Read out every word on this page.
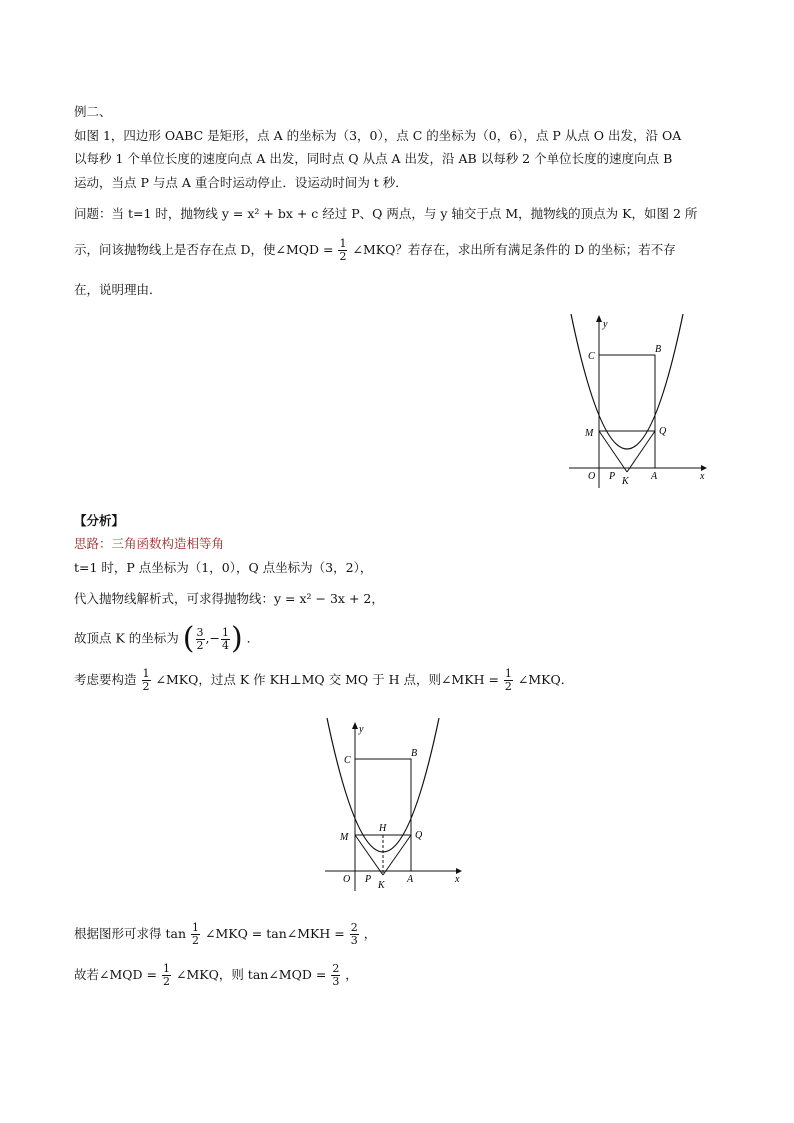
例二、
如图 1，四边形 OABC 是矩形，点 A 的坐标为（3，0），点 C 的坐标为（0，6），点 P 从点 O 出发，沿 OA
以每秒 1 个单位长度的速度向点 A 出发，同时点 Q 从点 A 出发，沿 AB 以每秒 2 个单位长度的速度向点 B
运动，当点 P 与点 A 重合时运动停止．设运动时间为 t 秒．
问题：当 t=1 时，抛物线 y = x² + bx + c 经过 P、Q 两点，与 y 轴交于点 M，抛物线的顶点为 K，如图 2 所
示，问该抛物线上是否存在点 D，使∠MQD = $\frac{1}{2}$ ∠MKQ？若存在，求出所有满足条件的 D 的坐标；若不存
在，说明理由．
y
C
B
M	Q
O P K A	x
【分析】
思路：三角函数构造相等角
t=1 时，P 点坐标为（1，0），Q 点坐标为（3，2），
代入抛物线解析式，可求得抛物线：y = x² − 3x + 2，
故顶点 K 的坐标为 ( $\frac{3}{2}$ ,− $\frac{1}{4}$ ) ．
考虑要构造 $\frac{1}{2}$ ∠MKQ，过点 K 作 KH⊥MQ 交 MQ 于 H 点，则∠MKH = $\frac{1}{2}$ ∠MKQ．
y
C
B
M
H
Q
O P
K
A	x
根据图形可求得 $\tan \frac{1}{2}$ ∠MKQ = tan∠MKH = $\frac{2}{3}$ ，
故若∠MQD = $\frac{1}{2}$ ∠MKQ，则 tan∠MQD = $\frac{2}{3}$ ，
